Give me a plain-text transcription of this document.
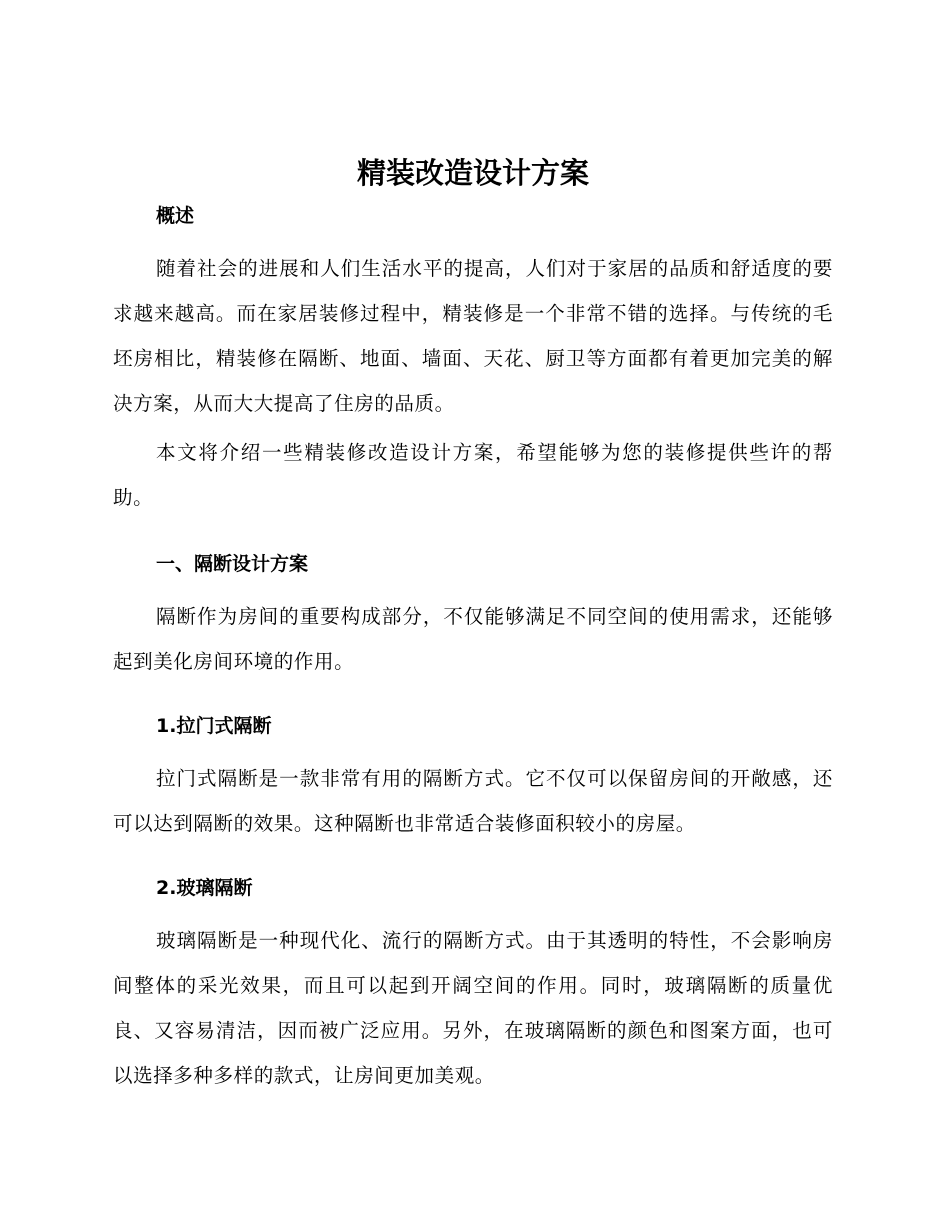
精装改造设计方案
概述

随着社会的进展和人们生活水平的提高，人们对于家居的品质和舒适度的要求越来越高。而在家居装修过程中，精装修是一个非常不错的选择。与传统的毛坯房相比，精装修在隔断、地面、墙面、天花、厨卫等方面都有着更加完美的解决方案，从而大大提高了住房的品质。

本文将介绍一些精装修改造设计方案，希望能够为您的装修提供些许的帮助。

一、隔断设计方案

隔断作为房间的重要构成部分，不仅能够满足不同空间的使用需求，还能够起到美化房间环境的作用。

1.拉门式隔断

拉门式隔断是一款非常有用的隔断方式。它不仅可以保留房间的开敞感，还可以达到隔断的效果。这种隔断也非常适合装修面积较小的房屋。

2.玻璃隔断

玻璃隔断是一种现代化、流行的隔断方式。由于其透明的特性，不会影响房间整体的采光效果，而且可以起到开阔空间的作用。同时，玻璃隔断的质量优良、又容易清洁，因而被广泛应用。另外，在玻璃隔断的颜色和图案方面，也可以选择多种多样的款式，让房间更加美观。
